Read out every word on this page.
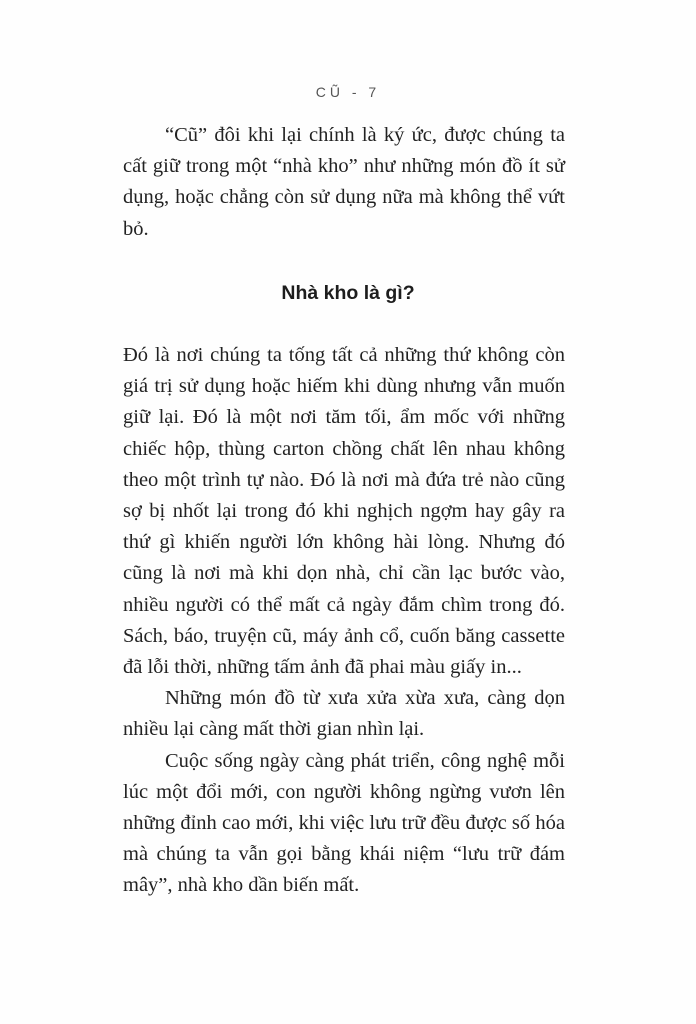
CŨ - 7

“Cũ” đôi khi lại chính là ký ức, được chúng ta cất giữ trong một “nhà kho” như những món đồ ít sử dụng, hoặc chẳng còn sử dụng nữa mà không thể vứt bỏ.

Nhà kho là gì?

Đó là nơi chúng ta tống tất cả những thứ không còn giá trị sử dụng hoặc hiếm khi dùng nhưng vẫn muốn giữ lại. Đó là một nơi tăm tối, ẩm mốc với những chiếc hộp, thùng carton chồng chất lên nhau không theo một trình tự nào. Đó là nơi mà đứa trẻ nào cũng sợ bị nhốt lại trong đó khi nghịch ngợm hay gây ra thứ gì khiến người lớn không hài lòng. Nhưng đó cũng là nơi mà khi dọn nhà, chỉ cần lạc bước vào, nhiều người có thể mất cả ngày đắm chìm trong đó. Sách, báo, truyện cũ, máy ảnh cổ, cuốn băng cassette đã lỗi thời, những tấm ảnh đã phai màu giấy in...

Những món đồ từ xưa xửa xừa xưa, càng dọn nhiều lại càng mất thời gian nhìn lại.

Cuộc sống ngày càng phát triển, công nghệ mỗi lúc một đổi mới, con người không ngừng vươn lên những đỉnh cao mới, khi việc lưu trữ đều được số hóa mà chúng ta vẫn gọi bằng khái niệm “lưu trữ đám mây”, nhà kho dần biến mất.
